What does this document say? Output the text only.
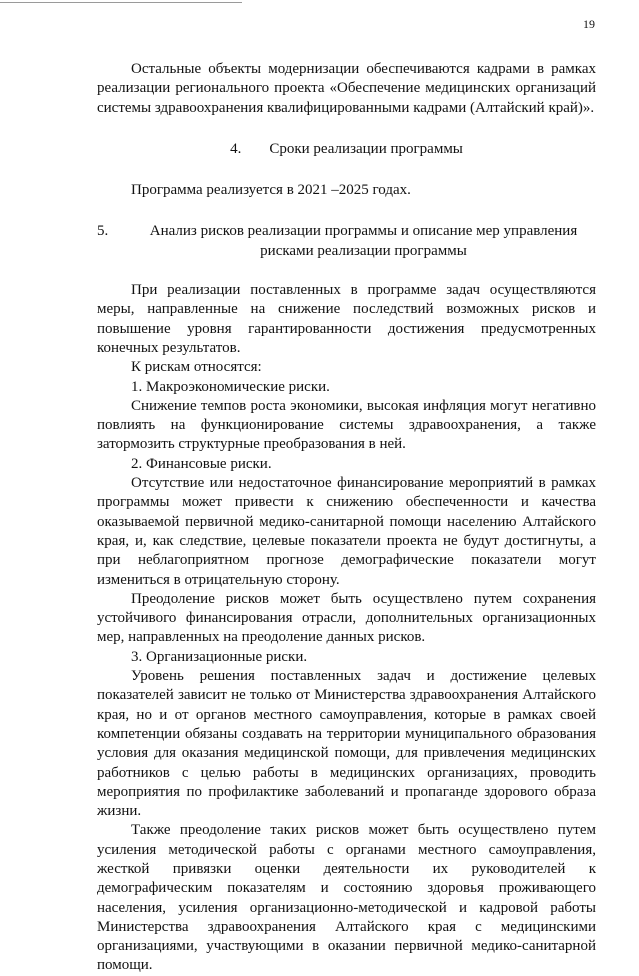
19

Остальные объекты модернизации обеспечиваются кадрами в рамках реализации регионального проекта «Обеспечение медицинских организаций системы здравоохранения квалифицированными кадрами (Алтайский край)».

4. Сроки реализации программы

Программа реализуется в 2021 –2025 годах.

5.	Анализ рисков реализации программы и описание мер управления рисками реализации программы

При реализации поставленных в программе задач осуществляются меры, направленные на снижение последствий возможных рисков и повышение уровня гарантированности достижения предусмотренных конечных результатов.

К рискам относятся:

1. Макроэкономические риски.

Снижение темпов роста экономики, высокая инфляция могут негативно повлиять на функционирование системы здравоохранения, а также затормозить структурные преобразования в ней.

2. Финансовые риски.

Отсутствие или недостаточное финансирование мероприятий в рамках программы может привести к снижению обеспеченности и качества оказываемой первичной медико-санитарной помощи населению Алтайского края, и, как следствие, целевые показатели проекта не будут достигнуты, а при неблагоприятном прогнозе демографические показатели могут измениться в отрицательную сторону.

Преодоление рисков может быть осуществлено путем сохранения устойчивого финансирования отрасли, дополнительных организационных мер, направленных на преодоление данных рисков.

3. Организационные риски.

Уровень решения поставленных задач и достижение целевых показателей зависит не только от Министерства здравоохранения Алтайского края, но и от органов местного самоуправления, которые в рамках своей компетенции обязаны создавать на территории муниципального образования условия для оказания медицинской помощи, для привлечения медицинских работников с целью работы в медицинских организациях, проводить мероприятия по профилактике заболеваний и пропаганде здорового образа жизни.

Также преодоление таких рисков может быть осуществлено путем усиления методической работы с органами местного самоуправления, жесткой привязки оценки деятельности их руководителей к демографическим показателям и состоянию здоровья проживающего населения, усиления организационно-методической и кадровой работы Министерства здравоохранения Алтайского края с медицинскими организациями, участвующими в оказании первичной медико-санитарной помощи.
